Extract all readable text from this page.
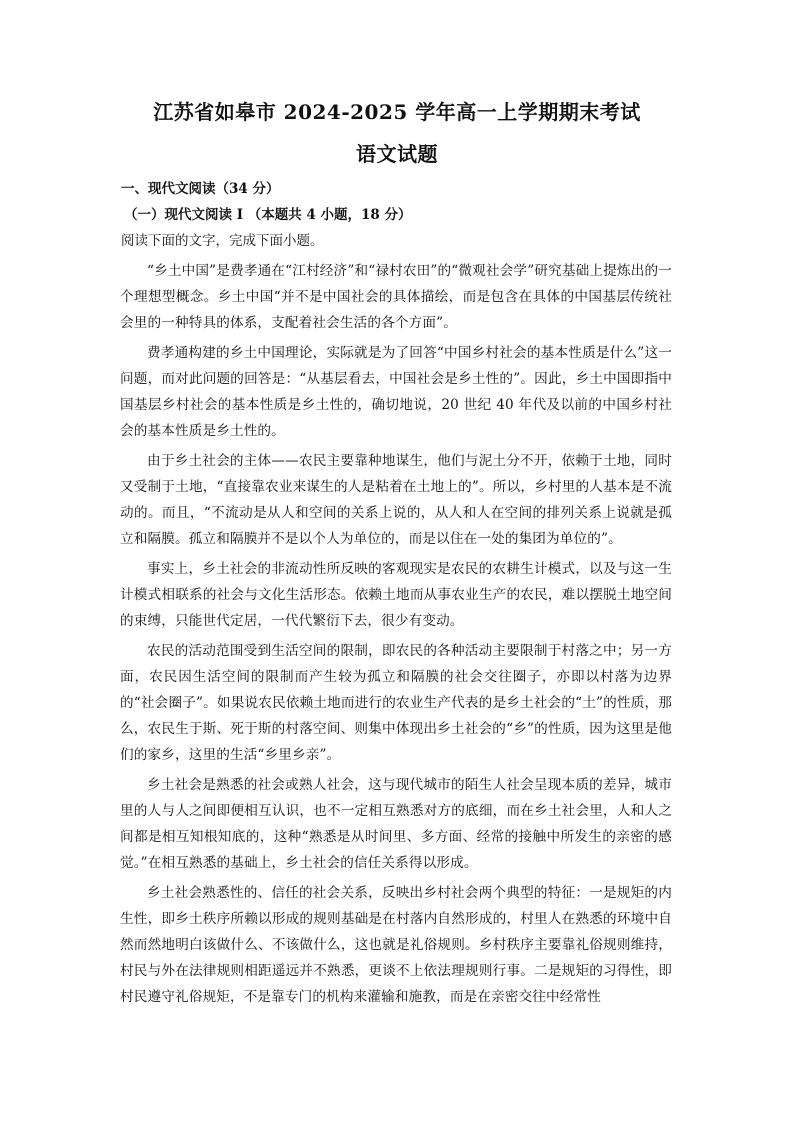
江苏省如皋市 2024-2025 学年高一上学期期末考试
语文试题
一、现代文阅读（34 分）
（一）现代文阅读 I （本题共 4 小题，18 分）
阅读下面的文字，完成下面小题。

“乡土中国”是费孝通在“江村经济”和“禄村农田”的“微观社会学”研究基础上提炼出的一个理想型概念。乡土中国“并不是中国社会的具体描绘，而是包含在具体的中国基层传统社会里的一种特具的体系，支配着社会生活的各个方面”。

费孝通构建的乡土中国理论，实际就是为了回答“中国乡村社会的基本性质是什么”这一问题，而对此问题的回答是：“从基层看去，中国社会是乡土性的”。因此，乡土中国即指中国基层乡村社会的基本性质是乡土性的，确切地说，20 世纪 40 年代及以前的中国乡村社会的基本性质是乡土性的。

由于乡土社会的主体——农民主要靠种地谋生，他们与泥土分不开，依赖于土地，同时又受制于土地，“直接靠农业来谋生的人是粘着在土地上的”。所以，乡村里的人基本是不流动的。而且，“不流动是从人和空间的关系上说的，从人和人在空间的排列关系上说就是孤立和隔膜。孤立和隔膜并不是以个人为单位的，而是以住在一处的集团为单位的”。

事实上，乡土社会的非流动性所反映的客观现实是农民的农耕生计模式，以及与这一生计模式相联系的社会与文化生活形态。依赖土地而从事农业生产的农民，难以摆脱土地空间的束缚，只能世代定居，一代代繁衍下去，很少有变动。

农民的活动范围受到生活空间的限制，即农民的各种活动主要限制于村落之中；另一方面，农民因生活空间的限制而产生较为孤立和隔膜的社会交往圈子，亦即以村落为边界的“社会圈子”。如果说农民依赖土地而进行的农业生产代表的是乡土社会的“土”的性质，那么，农民生于斯、死于斯的村落空间、则集中体现出乡土社会的“乡”的性质，因为这里是他们的家乡，这里的生活“乡里乡亲”。

乡土社会是熟悉的社会或熟人社会，这与现代城市的陌生人社会呈现本质的差异，城市里的人与人之间即便相互认识，也不一定相互熟悉对方的底细，而在乡土社会里，人和人之间都是相互知根知底的，这种“熟悉是从时间里、多方面、经常的接触中所发生的亲密的感觉。”在相互熟悉的基础上，乡土社会的信任关系得以形成。

乡土社会熟悉性的、信任的社会关系，反映出乡村社会两个典型的特征：一是规矩的内生性，即乡土秩序所赖以形成的规则基础是在村落内自然形成的，村里人在熟悉的环境中自然而然地明白该做什么、不该做什么，这也就是礼俗规则。乡村秩序主要靠礼俗规则维持，村民与外在法律规则相距遥远并不熟悉，更谈不上依法理规则行事。二是规矩的习得性，即村民遵守礼俗规矩，不是靠专门的机构来灌输和施教，而是在亲密交往中经常性
